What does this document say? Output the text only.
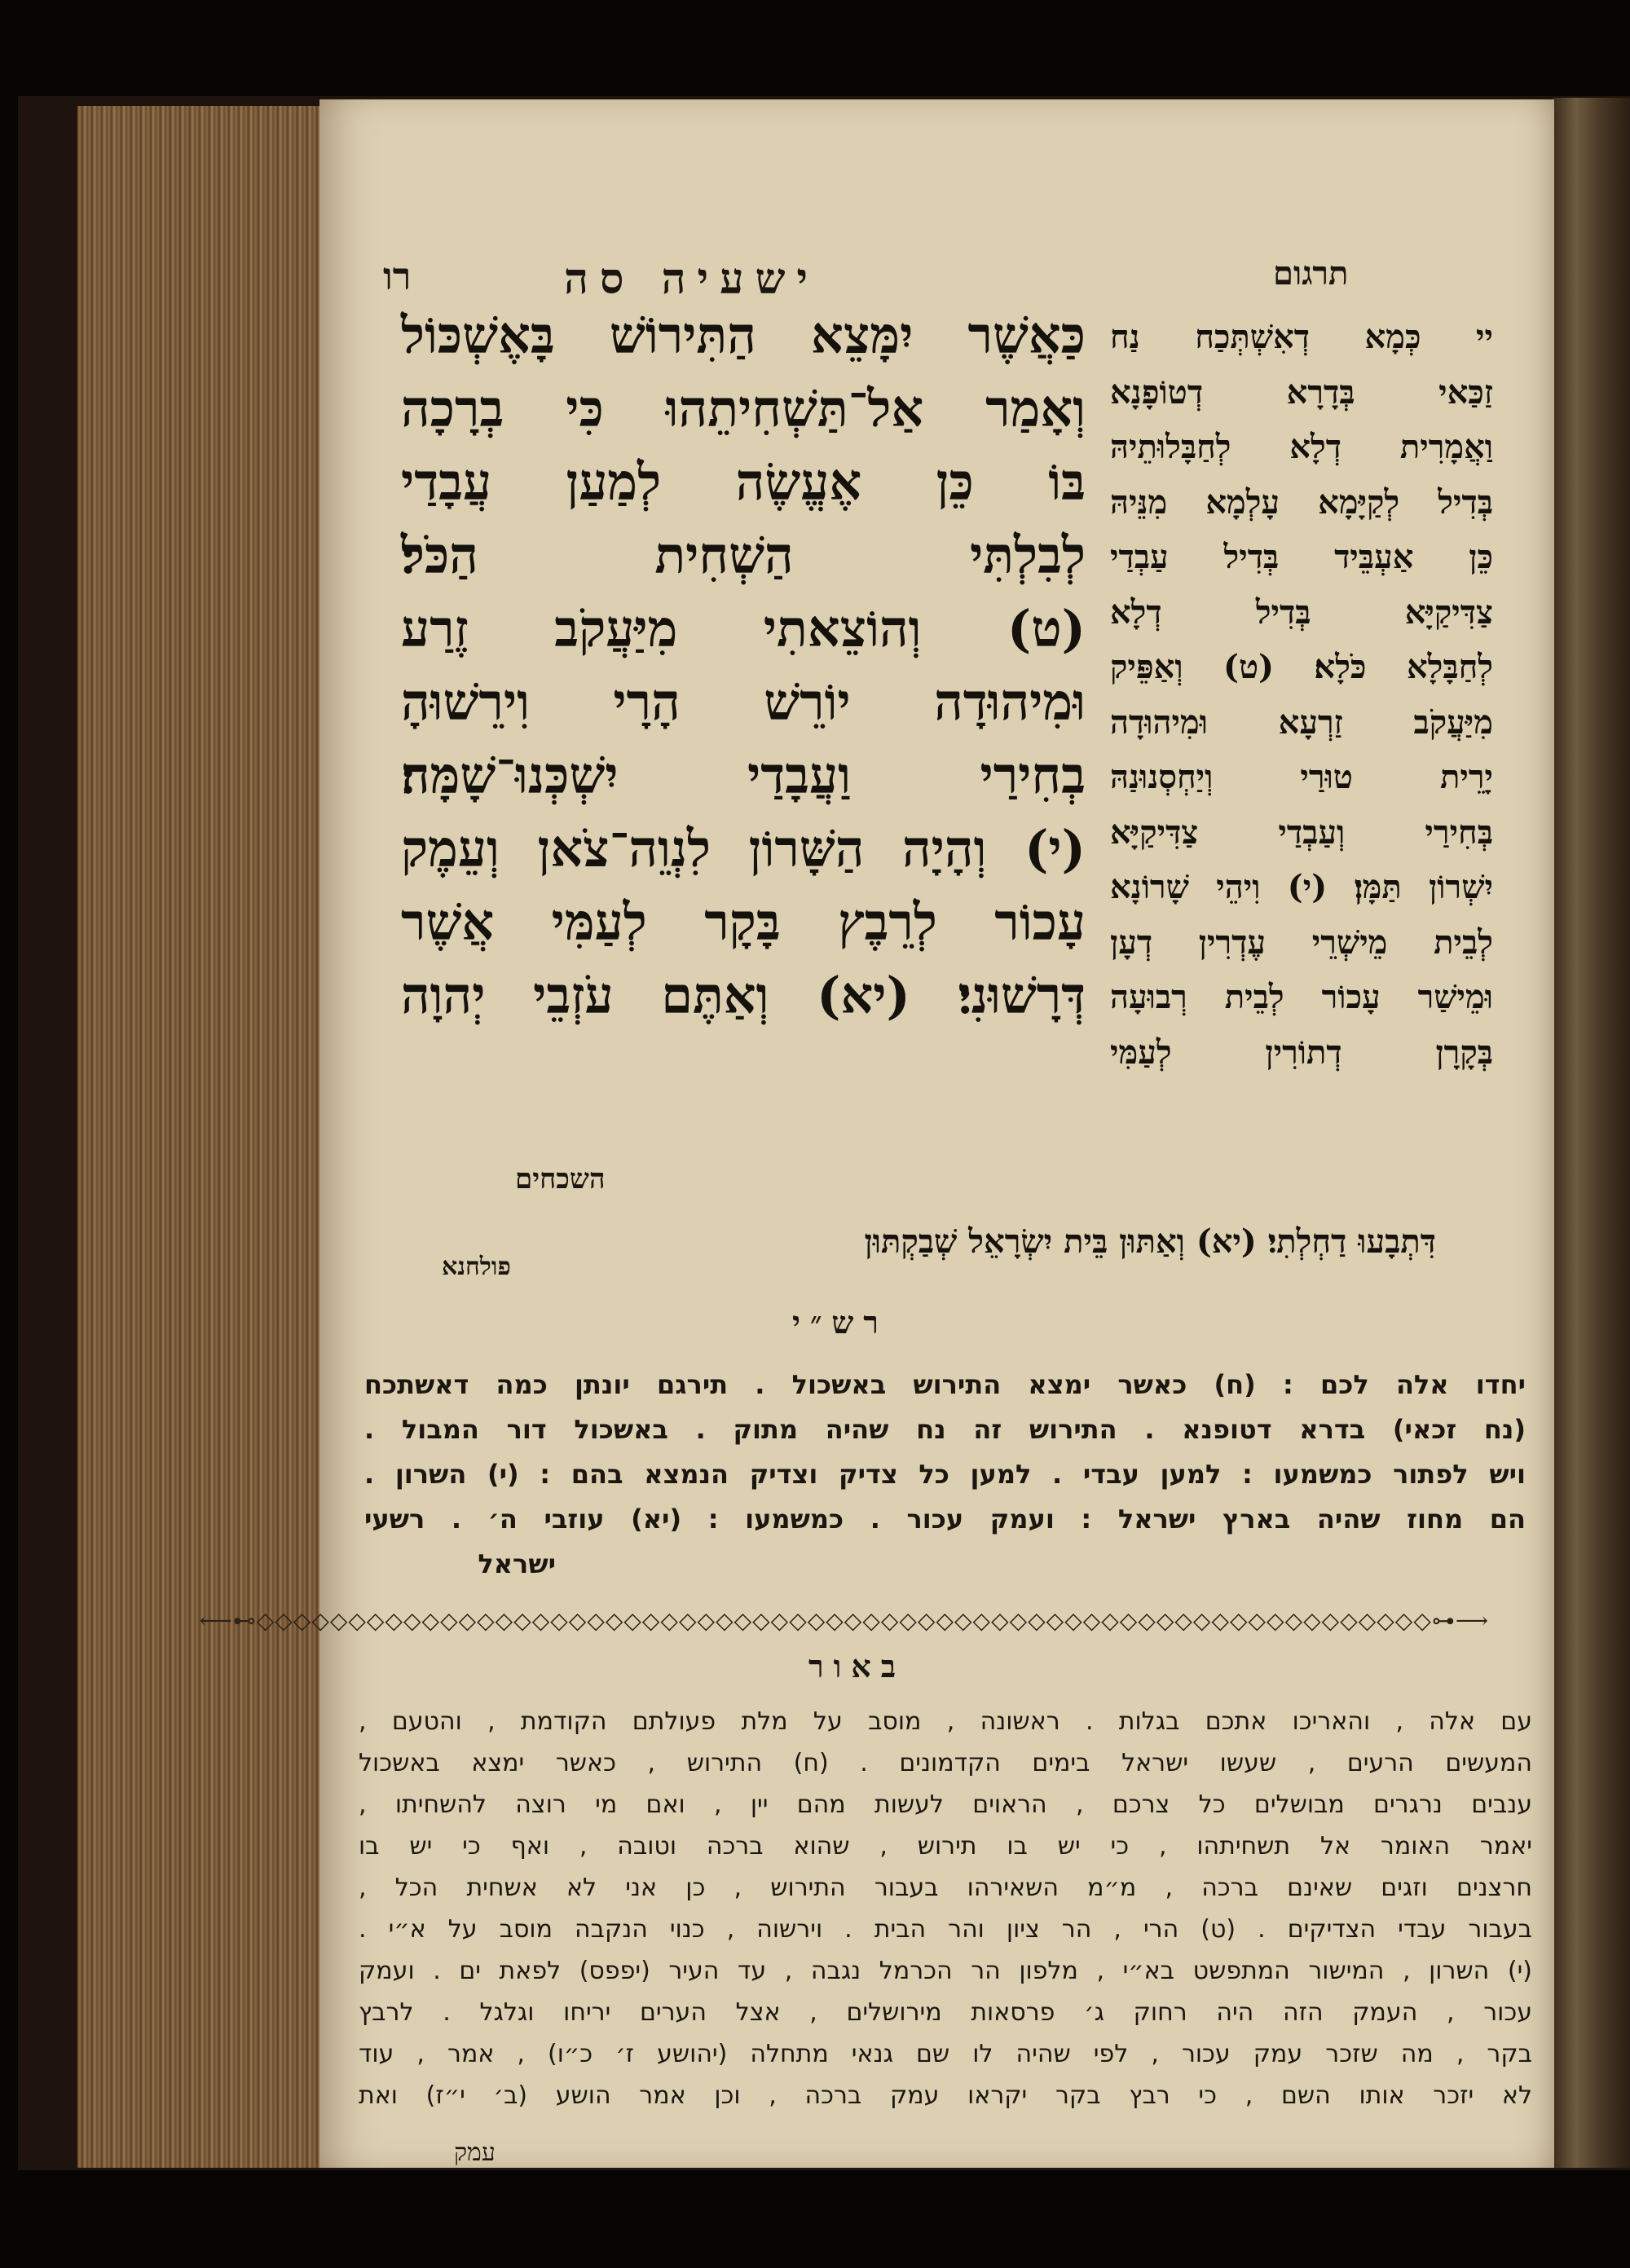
רו	ישעיה סה	תרגום
כַּאֲשֶׁר יִמָּצֵא הַתִּירוֹשׁ בָּאֶשְׁכּוֹל
וְאָמַר אַל־תַּשְׁחִיתֵהוּ כִּי בְרָכָה
בּוֹ כֵּן אֶעֱשֶׂה לְמַעַן עֲבָדַי
לְבִלְתִּי הַשְׁחִית הַכֹּל׃
(ט) וְהוֹצֵאתִי מִיַּעֲקֹב זֶרַע
וּמִיהוּדָה יוֹרֵשׁ הָרָי וִירֵשׁוּהָ
בְחִירַי וַעֲבָדַי יִשְׁכְּנוּ־שָׁמָּה׃
(י) וְהָיָה הַשָּׁרוֹן לִנְוֵה־צֹאן וְעֵמֶק
עָכוֹר לְרֵבֶץ בָּקָר לְעַמִּי אֲשֶׁר
דְּרָשׁוּנִי׃ (יא) וְאַתֶּם עֹזְבֵי יְהוָה
השכחים
פולחנא
יי כְּמָא דְאִשְׁתְּכַח נַח
זַכַּאי בְּדָרָא דְטוֹפָנָא
וַאֲמָרִית דְלָא לְחַבָּלוּתֵיהּ
בְּדִיל לְקַיָּמָא עָלְמָא מִנֵּיהּ
כֵּן אַעְבֵּיד בְּדִיל עַבְדַי
צַדִּיקַיָּא בְּדִיל דְלָא
לְחַבָּלָא כֹּלָא׃ (ט) וְאַפֵּיק
מִיַּעֲקֹב זַרְעָא וּמִיהוּדָה
יָרֵית טוּרַי וְיַחְסְנוּנַהּ
בְּחִירַי וְעַבְדַי צַדִּיקַיָּא
יִשְׁרוֹן תַּמָּן׃ (י) וִיהֵי שָׁרוֹנָא
לְבֵית מֵישְׁרֵי עֶדְרִין דְעָן
וּמֵישַׁר עָכוֹר לְבֵית רְבוּעָה
בְּקָרָן דְתוֹרִין לְעַמִּי
דִּתְבָעוּ דַחְלְתִי׃ (יא) וְאַתּוּן בֵּית יִשְׂרָאֵל שְׁבַקְתּוּן
רש״י
יחדו אלה לכם : (ח) כאשר ימצא התירוש באשכול . תירגם יונתן כמה דאשתכח
(נח זכאי) בדרא דטופנא . התירוש זה נח שהיה מתוק . באשכול דור המבול .
ויש לפתור כמשמעו : למען עבדי . למען כל צדיק וצדיק הנמצא בהם : (י) השרון .
הם מחוז שהיה בארץ ישראל : ועמק עכור . כמשמעו : (יא) עוזבי ה׳ . רשעי
ישראל
⟶⊷◇◇◇◇◇◇◇◇◇◇◇◇◇◇◇◇◇◇◇◇◇◇◇◇◇◇◇◇◇◇◇◇◇◇◇◇◇◇◇◇◇◇◇◇◇◇◇◇◇◇◇◇◇◇◇◇◇◇◇◇◇◇◇◇⊶⟵
באור
עם אלה , והאריכו אתכם בגלות . ראשונה , מוסב על מלת פעולתם הקודמת , והטעם ,
המעשים הרעים , שעשו ישראל בימים הקדמונים . (ח) התירוש , כאשר ימצא באשכול
ענבים נרגרים מבושלים כל צרכם , הראוים לעשות מהם יין , ואם מי רוצה להשחיתו ,
יאמר האומר אל תשחיתהו , כי יש בו תירוש , שהוא ברכה וטובה , ואף כי יש בו
חרצנים וזגים שאינם ברכה , מ״מ השאירהו בעבור התירוש , כן אני לא אשחית הכל ,
בעבור עבדי הצדיקים . (ט) הרי , הר ציון והר הבית . וירשוה , כנוי הנקבה מוסב על א״י .
(י) השרון , המישור המתפשט בא״י , מלפון הר הכרמל נגבה , עד העיר (יפפס) לפאת ים . ועמק
עכור , העמק הזה היה רחוק ג׳ פרסאות מירושלים , אצל הערים יריחו וגלגל . לרבץ
בקר , מה שזכר עמק עכור , לפי שהיה לו שם גנאי מתחלה (יהושע ז׳ כ״ו) , אמר , עוד
לא יזכר אותו השם , כי רבץ בקר יקראו עמק ברכה , וכן אמר הושע (ב׳ י״ז) ואת
עמק
